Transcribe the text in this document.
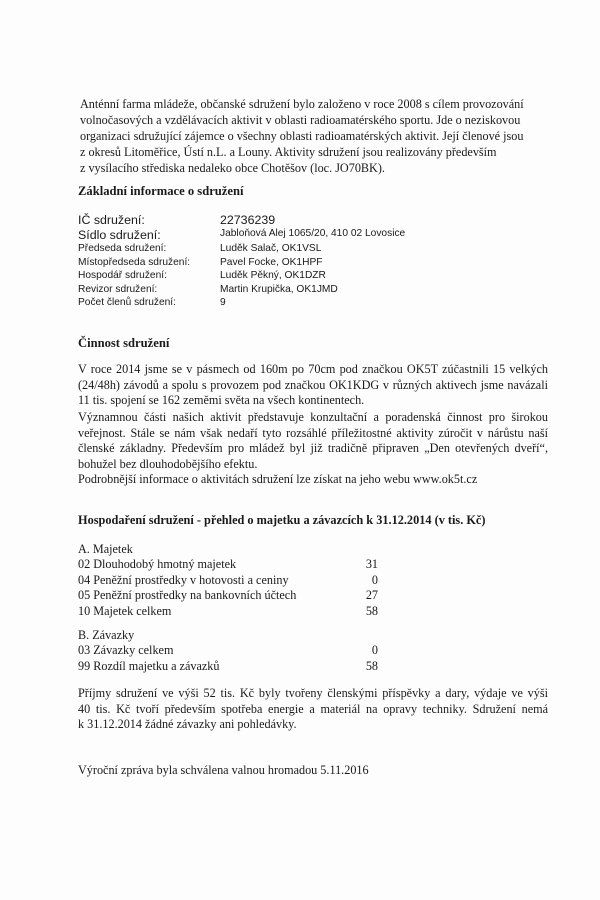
Anténní farma mládeže, občanské sdružení bylo založeno v roce 2008 s cílem provozování
volnočasových a vzdělávacích aktivit v oblasti radioamatérského sportu. Jde o neziskovou
organizaci sdružující zájemce o všechny oblasti radioamatérských aktivit. Její členové jsou
z okresů Litoměřice, Ústí n.L. a Louny. Aktivity sdružení jsou realizovány především
z vysílacího střediska nedaleko obce Chotěšov (loc. JO70BK).
Základní informace o sdružení
IČ sdružení:	22736239
Sídlo sdružení:	Jabloňová Alej 1065/20, 410 02 Lovosice
Předseda sdružení:	Luděk Salač, OK1VSL
Místopředseda sdružení:	Pavel Focke, OK1HPF
Hospodář sdružení:	Luděk Pěkný, OK1DZR
Revizor sdružení:	Martin Krupička, OK1JMD
Počet členů sdružení:	9
Činnost sdružení
V roce 2014 jsme se v pásmech od 160m po 70cm pod značkou OK5T zúčastnili 15 velkých
(24/48h) závodů a spolu s provozem pod značkou OK1KDG v různých aktivech jsme navázali
11 tis. spojení se 162 zeměmi světa na všech kontinentech.
Významnou části našich aktivit představuje konzultační a poradenská činnost pro širokou
veřejnost. Stále se nám však nedaří tyto rozsáhlé příležitostné aktivity zúročit v nárůstu naší
členské základny. Především pro mládež byl již tradičně připraven „Den otevřených dveří“,
bohužel bez dlouhodobějšího efektu.
Podrobnější informace o aktivitách sdružení lze získat na jeho webu www.ok5t.cz
Hospodaření sdružení - přehled o majetku a závazcích k 31.12.2014 (v tis. Kč)
A. Majetek
02 Dlouhodobý hmotný majetek	31
04 Peněžní prostředky v hotovosti a ceniny	0
05 Peněžní prostředky na bankovních účtech	27
10 Majetek celkem	58
B. Závazky
03 Závazky celkem	0
99 Rozdíl majetku a závazků	58
Příjmy sdružení ve výši 52 tis. Kč byly tvořeny členskými příspěvky a dary, výdaje ve výši
40 tis. Kč tvoří především spotřeba energie a materiál na opravy techniky. Sdružení nemá
k 31.12.2014 žádné závazky ani pohledávky.
Výroční zpráva byla schválena valnou hromadou 5.11.2016
